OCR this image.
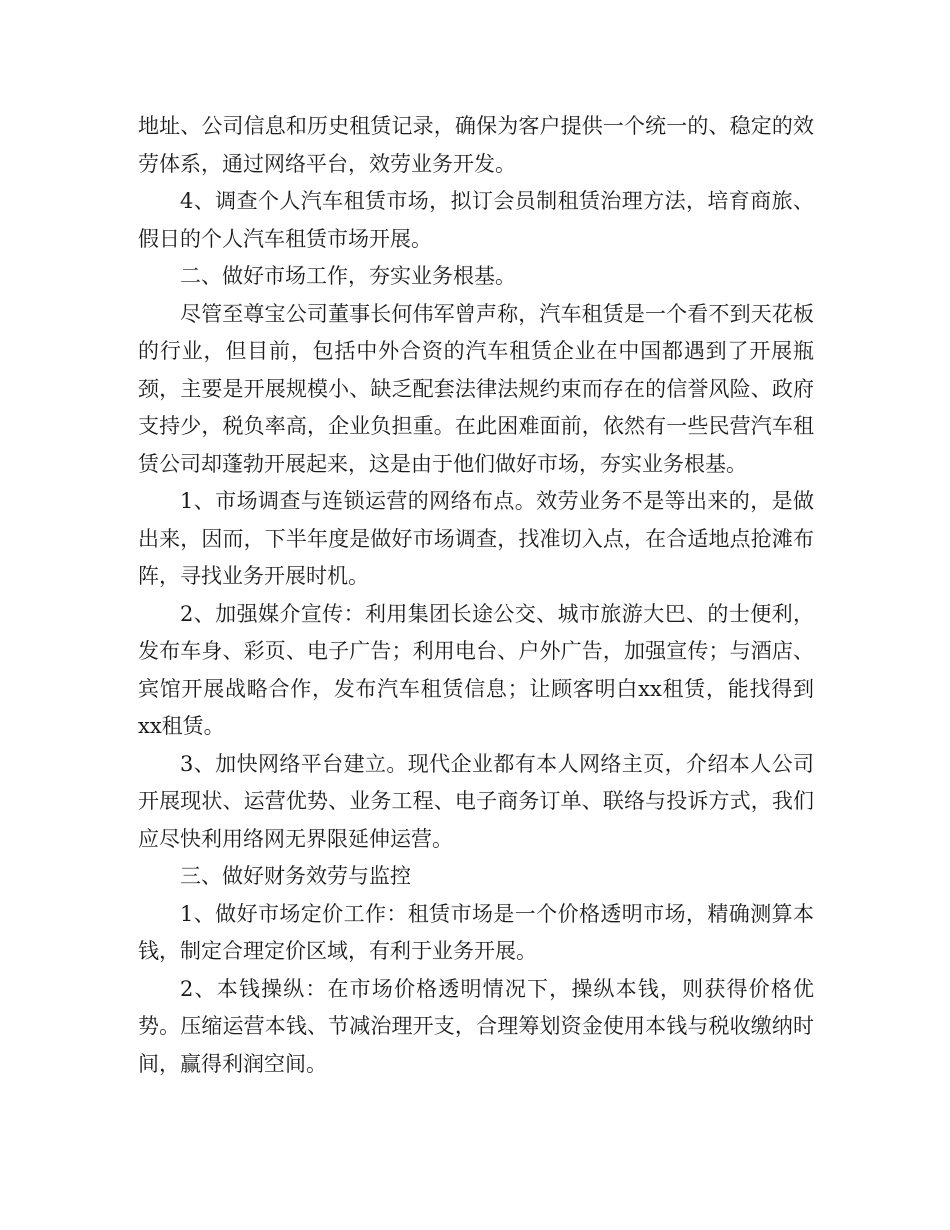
地址、公司信息和历史租赁记录，确保为客户提供一个统一的、稳定的效劳体系，通过网络平台，效劳业务开发。

4、调查个人汽车租赁市场，拟订会员制租赁治理方法，培育商旅、假日的个人汽车租赁市场开展。

二、做好市场工作，夯实业务根基。

尽管至尊宝公司董事长何伟军曾声称，汽车租赁是一个看不到天花板的行业，但目前，包括中外合资的汽车租赁企业在中国都遇到了开展瓶颈，主要是开展规模小、缺乏配套法律法规约束而存在的信誉风险、政府支持少，税负率高，企业负担重。在此困难面前，依然有一些民营汽车租赁公司却蓬勃开展起来，这是由于他们做好市场，夯实业务根基。

1、市场调查与连锁运营的网络布点。效劳业务不是等出来的，是做出来，因而，下半年度是做好市场调查，找准切入点，在合适地点抢滩布阵，寻找业务开展时机。

2、加强媒介宣传：利用集团长途公交、城市旅游大巴、的士便利，发布车身、彩页、电子广告；利用电台、户外广告，加强宣传；与酒店、宾馆开展战略合作，发布汽车租赁信息；让顾客明白xx租赁，能找得到xx租赁。

3、加快网络平台建立。现代企业都有本人网络主页，介绍本人公司开展现状、运营优势、业务工程、电子商务订单、联络与投诉方式，我们应尽快利用络网无界限延伸运营。

三、做好财务效劳与监控

1、做好市场定价工作：租赁市场是一个价格透明市场，精确测算本钱，制定合理定价区域，有利于业务开展。

2、本钱操纵：在市场价格透明情况下，操纵本钱，则获得价格优势。压缩运营本钱、节减治理开支，合理筹划资金使用本钱与税收缴纳时间，赢得利润空间。
